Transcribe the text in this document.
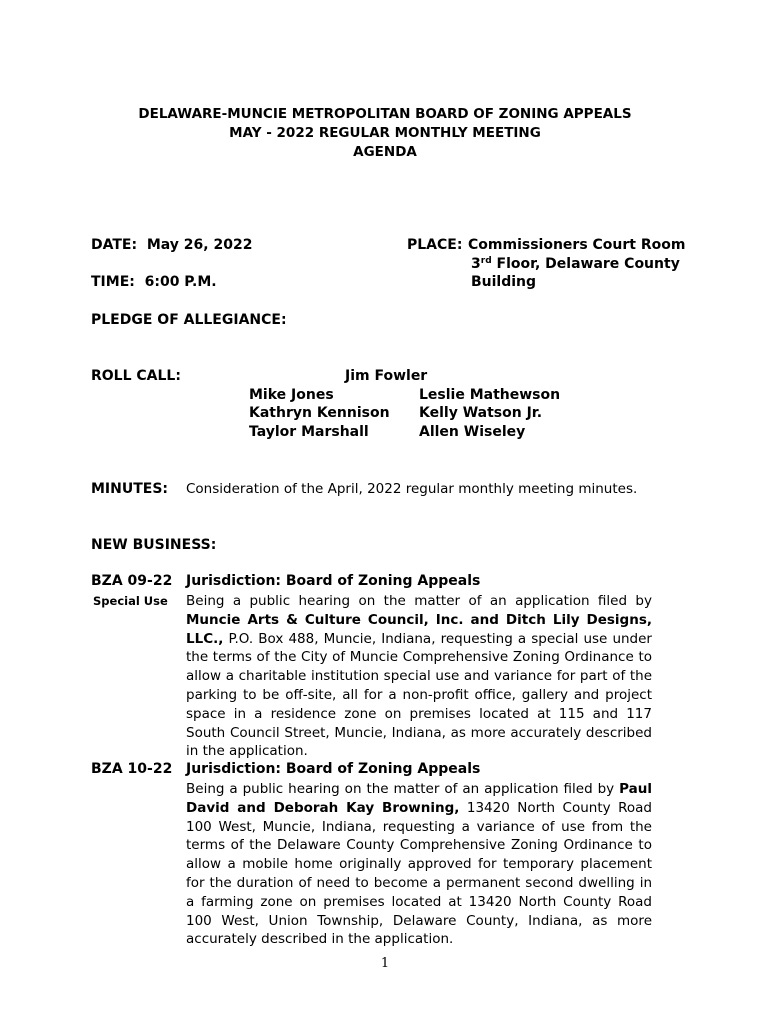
DELAWARE-MUNCIE METROPOLITAN BOARD OF ZONING APPEALS
MAY - 2022 REGULAR MONTHLY MEETING
AGENDA
DATE: May 26, 2022
TIME: 6:00 P.M.
PLACE: Commissioners Court Room
3rd Floor, Delaware County
Building
PLEDGE OF ALLEGIANCE:
ROLL CALL:	Jim Fowler
Mike Jones
Kathryn Kennison
Taylor Marshall
Leslie Mathewson
Kelly Watson Jr.
Allen Wiseley
MINUTES: Consideration of the April, 2022 regular monthly meeting minutes.
NEW BUSINESS:
BZA 09-22
Special Use
Jurisdiction: Board of Zoning Appeals

Being a public hearing on the matter of an application filed by Muncie Arts & Culture Council, Inc. and Ditch Lily Designs, LLC., P.O. Box 488, Muncie, Indiana, requesting a special use under the terms of the City of Muncie Comprehensive Zoning Ordinance to allow a charitable institution special use and variance for part of the parking to be off-site, all for a non-profit office, gallery and project space in a residence zone on premises located at 115 and 117 South Council Street, Muncie, Indiana, as more accurately described in the application.

BZA 10-22 Jurisdiction: Board of Zoning Appeals

Being a public hearing on the matter of an application filed by Paul David and Deborah Kay Browning, 13420 North County Road 100 West, Muncie, Indiana, requesting a variance of use from the terms of the Delaware County Comprehensive Zoning Ordinance to allow a mobile home originally approved for temporary placement for the duration of need to become a permanent second dwelling in a farming zone on premises located at 13420 North County Road 100 West, Union Township, Delaware County, Indiana, as more accurately described in the application.

1
